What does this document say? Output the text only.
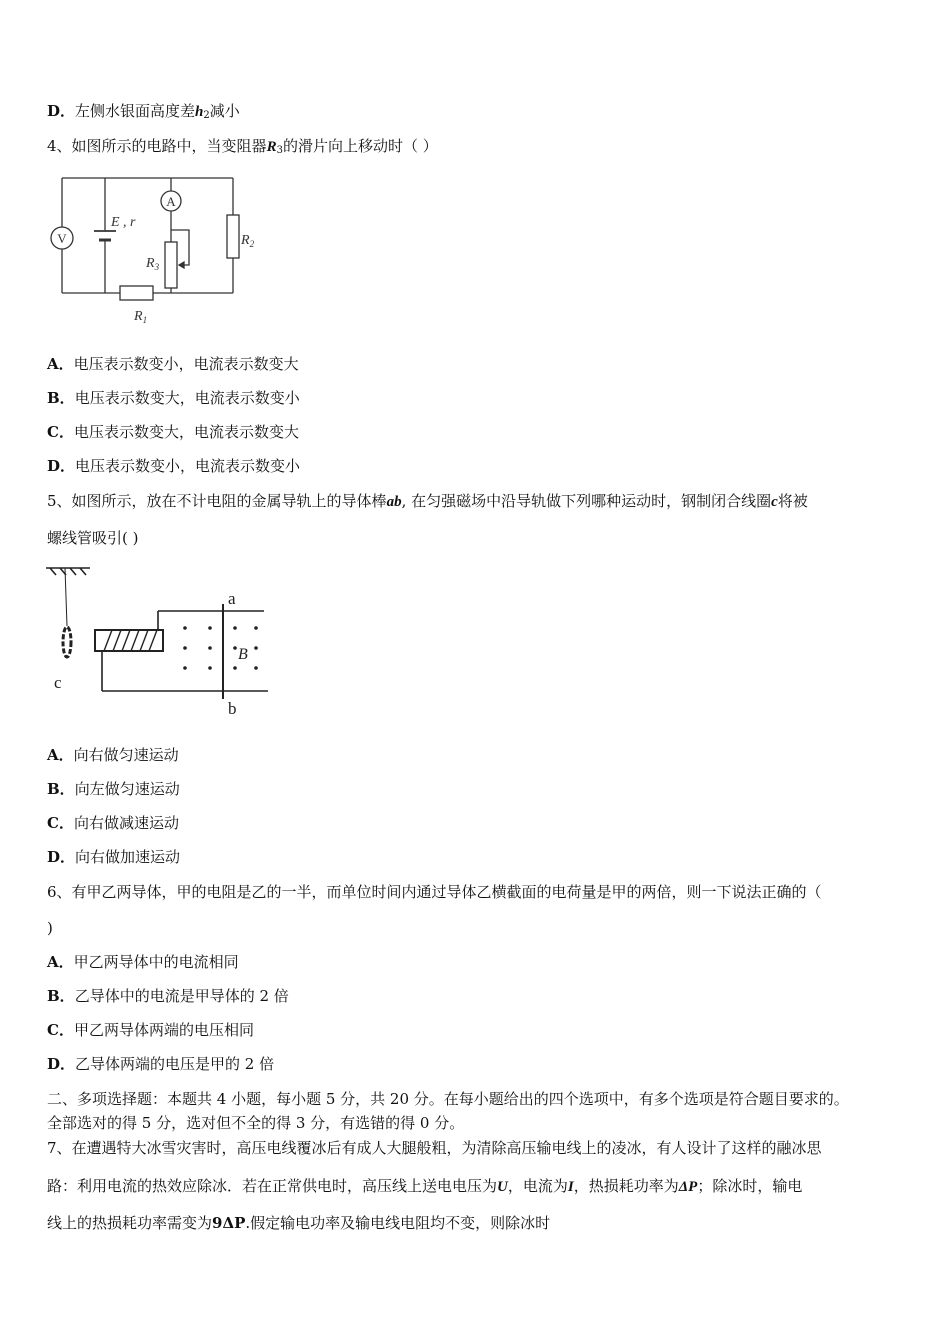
D．左侧水银面高度差$h_2$减小
4、如图所示的电路中，当变阻器$R_3$的滑片向上移动时（ ）
V
A
E , r
$R_2$
$R_3$
$R_1$
A．电压表示数变小，电流表示数变大
B．电压表示数变大，电流表示数变小
C．电压表示数变大，电流表示数变大
D．电压表示数变小，电流表示数变小
5、如图所示，放在不计电阻的金属导轨上的导体棒ab, 在匀强磁场中沿导轨做下列哪种运动时，钢制闭合线圈c将被
螺线管吸引( )
a
b
c
B
A．向右做匀速运动
B．向左做匀速运动
C．向右做减速运动
D．向右做加速运动
6、有甲乙两导体，甲的电阻是乙的一半，而单位时间内通过导体乙横截面的电荷量是甲的两倍，则一下说法正确的（
)
A．甲乙两导体中的电流相同
B．乙导体中的电流是甲导体的 2 倍
C．甲乙两导体两端的电压相同
D．乙导体两端的电压是甲的 2 倍
二、多项选择题：本题共 4 小题，每小题 5 分，共 20 分。在每小题给出的四个选项中，有多个选项是符合题目要求的。
全部选对的得 5 分，选对但不全的得 3 分，有选错的得 0 分。
7、在遭遇特大冰雪灾害时，高压电线覆冰后有成人大腿般粗，为清除高压输电线上的凌冰，有人设计了这样的融冰思
路：利用电流的热效应除冰．若在正常供电时，高压线上送电电压为U，电流为I，热损耗功率为ΔP；除冰时，输电
线上的热损耗功率需变为9ΔP.假定输电功率及输电线电阻均不变，则除冰时
